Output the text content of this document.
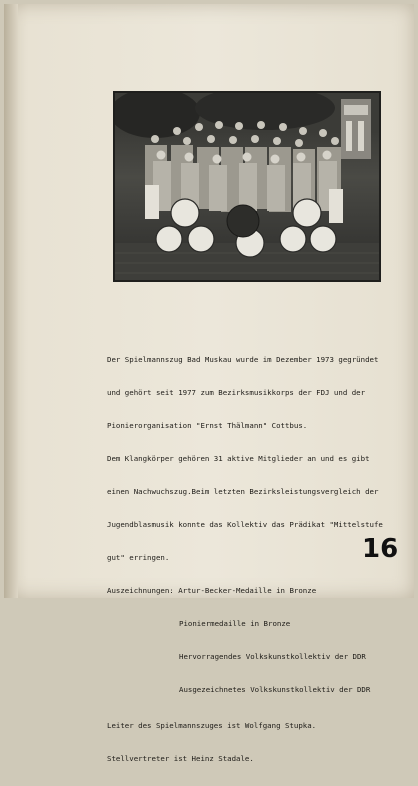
Der Spielmannszug Bad Muskau wurde im Dezember 1973 gegründet

und gehört seit 1977 zum Bezirksmusikkorps der FDJ und der

Pionierorganisation "Ernst Thälmann" Cottbus.

Dem Klangkörper gehören 31 aktive Mitglieder an und es gibt

einen Nachwuchszug.Beim letzten Bezirksleistungsvergleich der

Jugendblasmusik konnte das Kollektiv das Prädikat "Mittelstufe

gut" erringen.

Auszeichnungen: Artur-Becker-Medaille in Bronze

Pioniermedaille in Bronze

Hervorragendes Volkskunstkollektiv der DDR

Ausgezeichnetes Volkskunstkollektiv der DDR

Leiter des Spielmannszuges ist Wolfgang Stupka.

Stellvertreter ist Heinz Stadale.

16
